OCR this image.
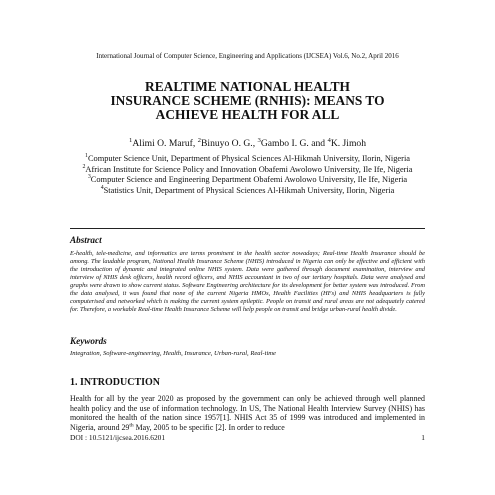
International Journal of Computer Science, Engineering and Applications (IJCSEA) Vol.6, No.2, April 2016
REALTIME NATIONAL HEALTH
INSURANCE SCHEME (RNHIS): MEANS TO
ACHIEVE HEALTH FOR ALL
$^1$Alimi O. Maruf, $^2$Binuyo O. G., $^3$Gambo I. G. and $^4$K. Jimoh
$^1$Computer Science Unit, Department of Physical Sciences Al-Hikmah University, Ilorin, Nigeria
$^2$African Institute for Science Policy and Innovation Obafemi Awolowo University, Ile Ife, Nigeria
$^3$Computer Science and Engineering Department Obafemi Awolowo University, Ile Ife, Nigeria
$^4$Statistics Unit, Department of Physical Sciences Al-Hikmah University, Ilorin, Nigeria
Abstract
E-health, tele-medicine, and informatics are terms prominent in the health sector nowadays; Real-time Health Insurance should be among. The laudable program, National Health Insurance Scheme (NHIS) introduced in Nigeria can only be effective and efficient with the introduction of dynamic and integrated online NHIS system. Data were gathered through document examination, interview and interview of NHIS desk officers, health record officers, and NHIS accountant in two of our tertiary hospitals. Data were analysed and graphs were drawn to show current status. Software Engineering architecture for its development for better system was introduced. From the data analysed, it was found that none of the current Nigeria HMOs, Health Facilities (HFs) and NHIS headquarters is fully computerised and networked which is making the current system epileptic. People on transit and rural areas are not adequately catered for. Therefore, a workable Real-time Health Insurance Scheme will help people on transit and bridge urban-rural health divide.
Keywords
Integration, Software-engineering, Health, Insurance, Urban-rural, Real-time
1. INTRODUCTION
Health for all by the year 2020 as proposed by the government can only be achieved through well planned health policy and the use of information technology. In US, The National Health Interview Survey (NHIS) has monitored the health of the nation since 1957[1]. NHIS Act 35 of 1999 was introduced and implemented in Nigeria, around 29th May, 2005 to be specific [2]. In order to reduce
DOI : 10.5121/ijcsea.2016.6201	1
